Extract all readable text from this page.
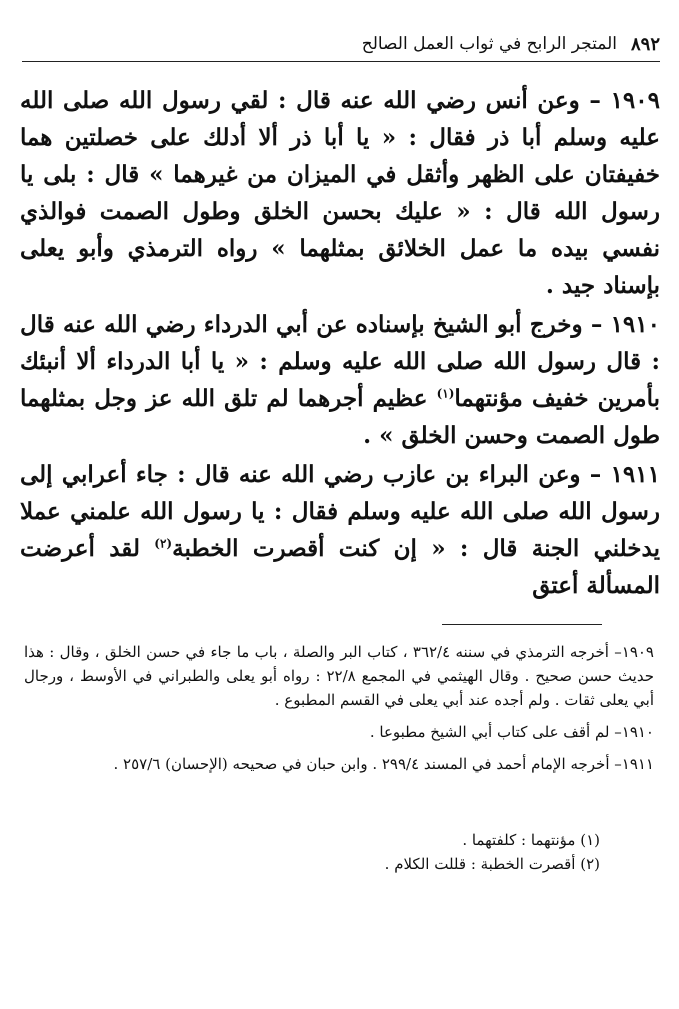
٨٩٢
المتجر الرابح في ثواب العمل الصالح

١٩٠٩ – وعن أنس رضي الله عنه قال : لقي رسول الله صلى الله عليه وسلم أبا ذر فقال : « يا أبا ذر ألا أدلك على خصلتين هما خفيفتان على الظهر وأثقل في الميزان من غيرهما » قال : بلى يا رسول الله قال : « عليك بحسن الخلق وطول الصمت فوالذي نفسي بيده ما عمل الخلائق بمثلهما » رواه الترمذي وأبو يعلى بإسناد جيد .

١٩١٠ – وخرج أبو الشيخ بإسناده عن أبي الدرداء رضي الله عنه قال : قال رسول الله صلى الله عليه وسلم : « يا أبا الدرداء ألا أنبئك بأمرين خفيف مؤنتهما$^{(١)}$ عظيم أجرهما لم تلق الله عز وجل بمثلهما طول الصمت وحسن الخلق » .

١٩١١ – وعن البراء بن عازب رضي الله عنه قال : جاء أعرابي إلى رسول الله صلى الله عليه وسلم فقال : يا رسول الله علمني عملا يدخلني الجنة قال : « إن كنت أقصرت الخطبة$^{(٢)}$ لقد أعرضت المسألة أعتق

١٩٠٩– أخرجه الترمذي في سننه ٣٦٢/٤ ، كتاب البر والصلة ، باب ما جاء في حسن الخلق ، وقال : هذا حديث حسن صحيح . وقال الهيثمي في المجمع ٢٢/٨ : رواه أبو يعلى والطبراني في الأوسط ، ورجال أبي يعلى ثقات . ولم أجده عند أبي يعلى في القسم المطبوع .

١٩١٠– لم أقف على كتاب أبي الشيخ مطبوعا .

١٩١١– أخرجه الإمام أحمد في المسند ٢٩٩/٤ . وابن حبان في صحيحه (الإحسان) ٢٥٧/٦ .

(١) مؤنتهما : كلفتهما .
(٢) أقصرت الخطبة : قللت الكلام .
